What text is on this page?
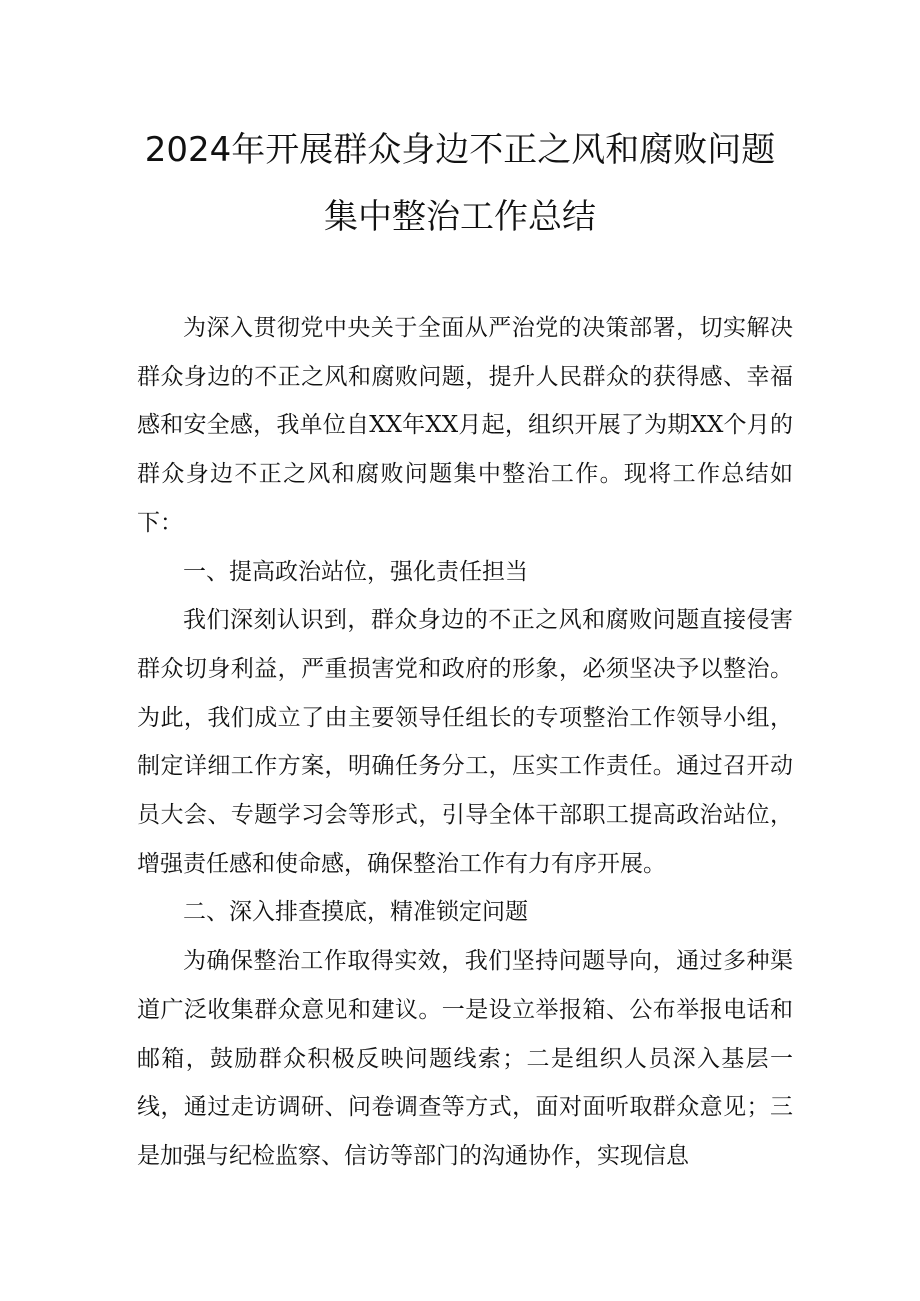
2024年开展群众身边不正之风和腐败问题
集中整治工作总结

为深入贯彻党中央关于全面从严治党的决策部署，切实解决群众身边的不正之风和腐败问题，提升人民群众的获得感、幸福感和安全感，我单位自XX年XX月起，组织开展了为期XX个月的群众身边不正之风和腐败问题集中整治工作。现将工作总结如下：

一、提高政治站位，强化责任担当

我们深刻认识到，群众身边的不正之风和腐败问题直接侵害群众切身利益，严重损害党和政府的形象，必须坚决予以整治。为此，我们成立了由主要领导任组长的专项整治工作领导小组，制定详细工作方案，明确任务分工，压实工作责任。通过召开动员大会、专题学习会等形式，引导全体干部职工提高政治站位，增强责任感和使命感，确保整治工作有力有序开展。

二、深入排查摸底，精准锁定问题

为确保整治工作取得实效，我们坚持问题导向，通过多种渠道广泛收集群众意见和建议。一是设立举报箱、公布举报电话和邮箱，鼓励群众积极反映问题线索；二是组织人员深入基层一线，通过走访调研、问卷调查等方式，面对面听取群众意见；三是加强与纪检监察、信访等部门的沟通协作，实现信息
